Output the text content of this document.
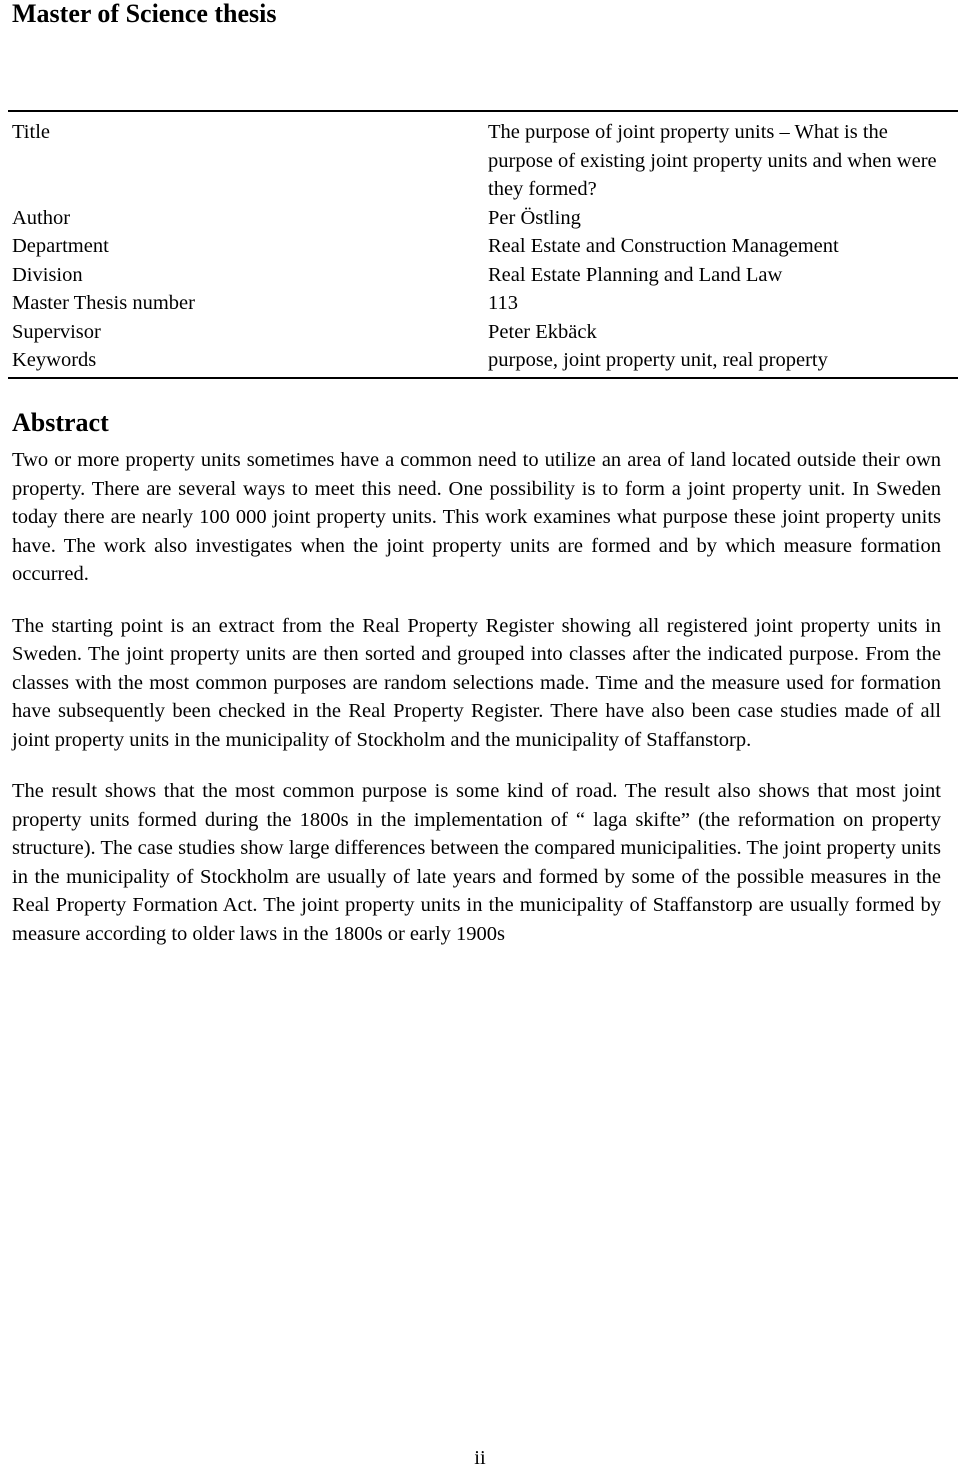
Master of Science thesis
Title	The purpose of joint property units – What is the purpose of existing joint property units and when were they formed?
Author	Per Östling
Department	Real Estate and Construction Management
Division	Real Estate Planning and Land Law
Master Thesis number	113
Supervisor	Peter Ekbäck
Keywords	purpose, joint property unit, real property
Abstract

Two or more property units sometimes have a common need to utilize an area of land located outside their own property. There are several ways to meet this need. One possibility is to form a joint property unit. In Sweden today there are nearly 100 000 joint property units. This work examines what purpose these joint property units have. The work also investigates when the joint property units are formed and by which measure formation occurred.

The starting point is an extract from the Real Property Register showing all registered joint property units in Sweden. The joint property units are then sorted and grouped into classes after the indicated purpose. From the classes with the most common purposes are random selections made. Time and the measure used for formation have subsequently been checked in the Real Property Register. There have also been case studies made of all joint property units in the municipality of Stockholm and the municipality of Staffanstorp.

The result shows that the most common purpose is some kind of road. The result also shows that most joint property units formed during the 1800s in the implementation of “ laga skifte” (the reformation on property structure). The case studies show large differences between the compared municipalities. The joint property units in the municipality of Stockholm are usually of late years and formed by some of the possible measures in the Real Property Formation Act. The joint property units in the municipality of Staffanstorp are usually formed by measure according to older laws in the 1800s or early 1900s

ii
